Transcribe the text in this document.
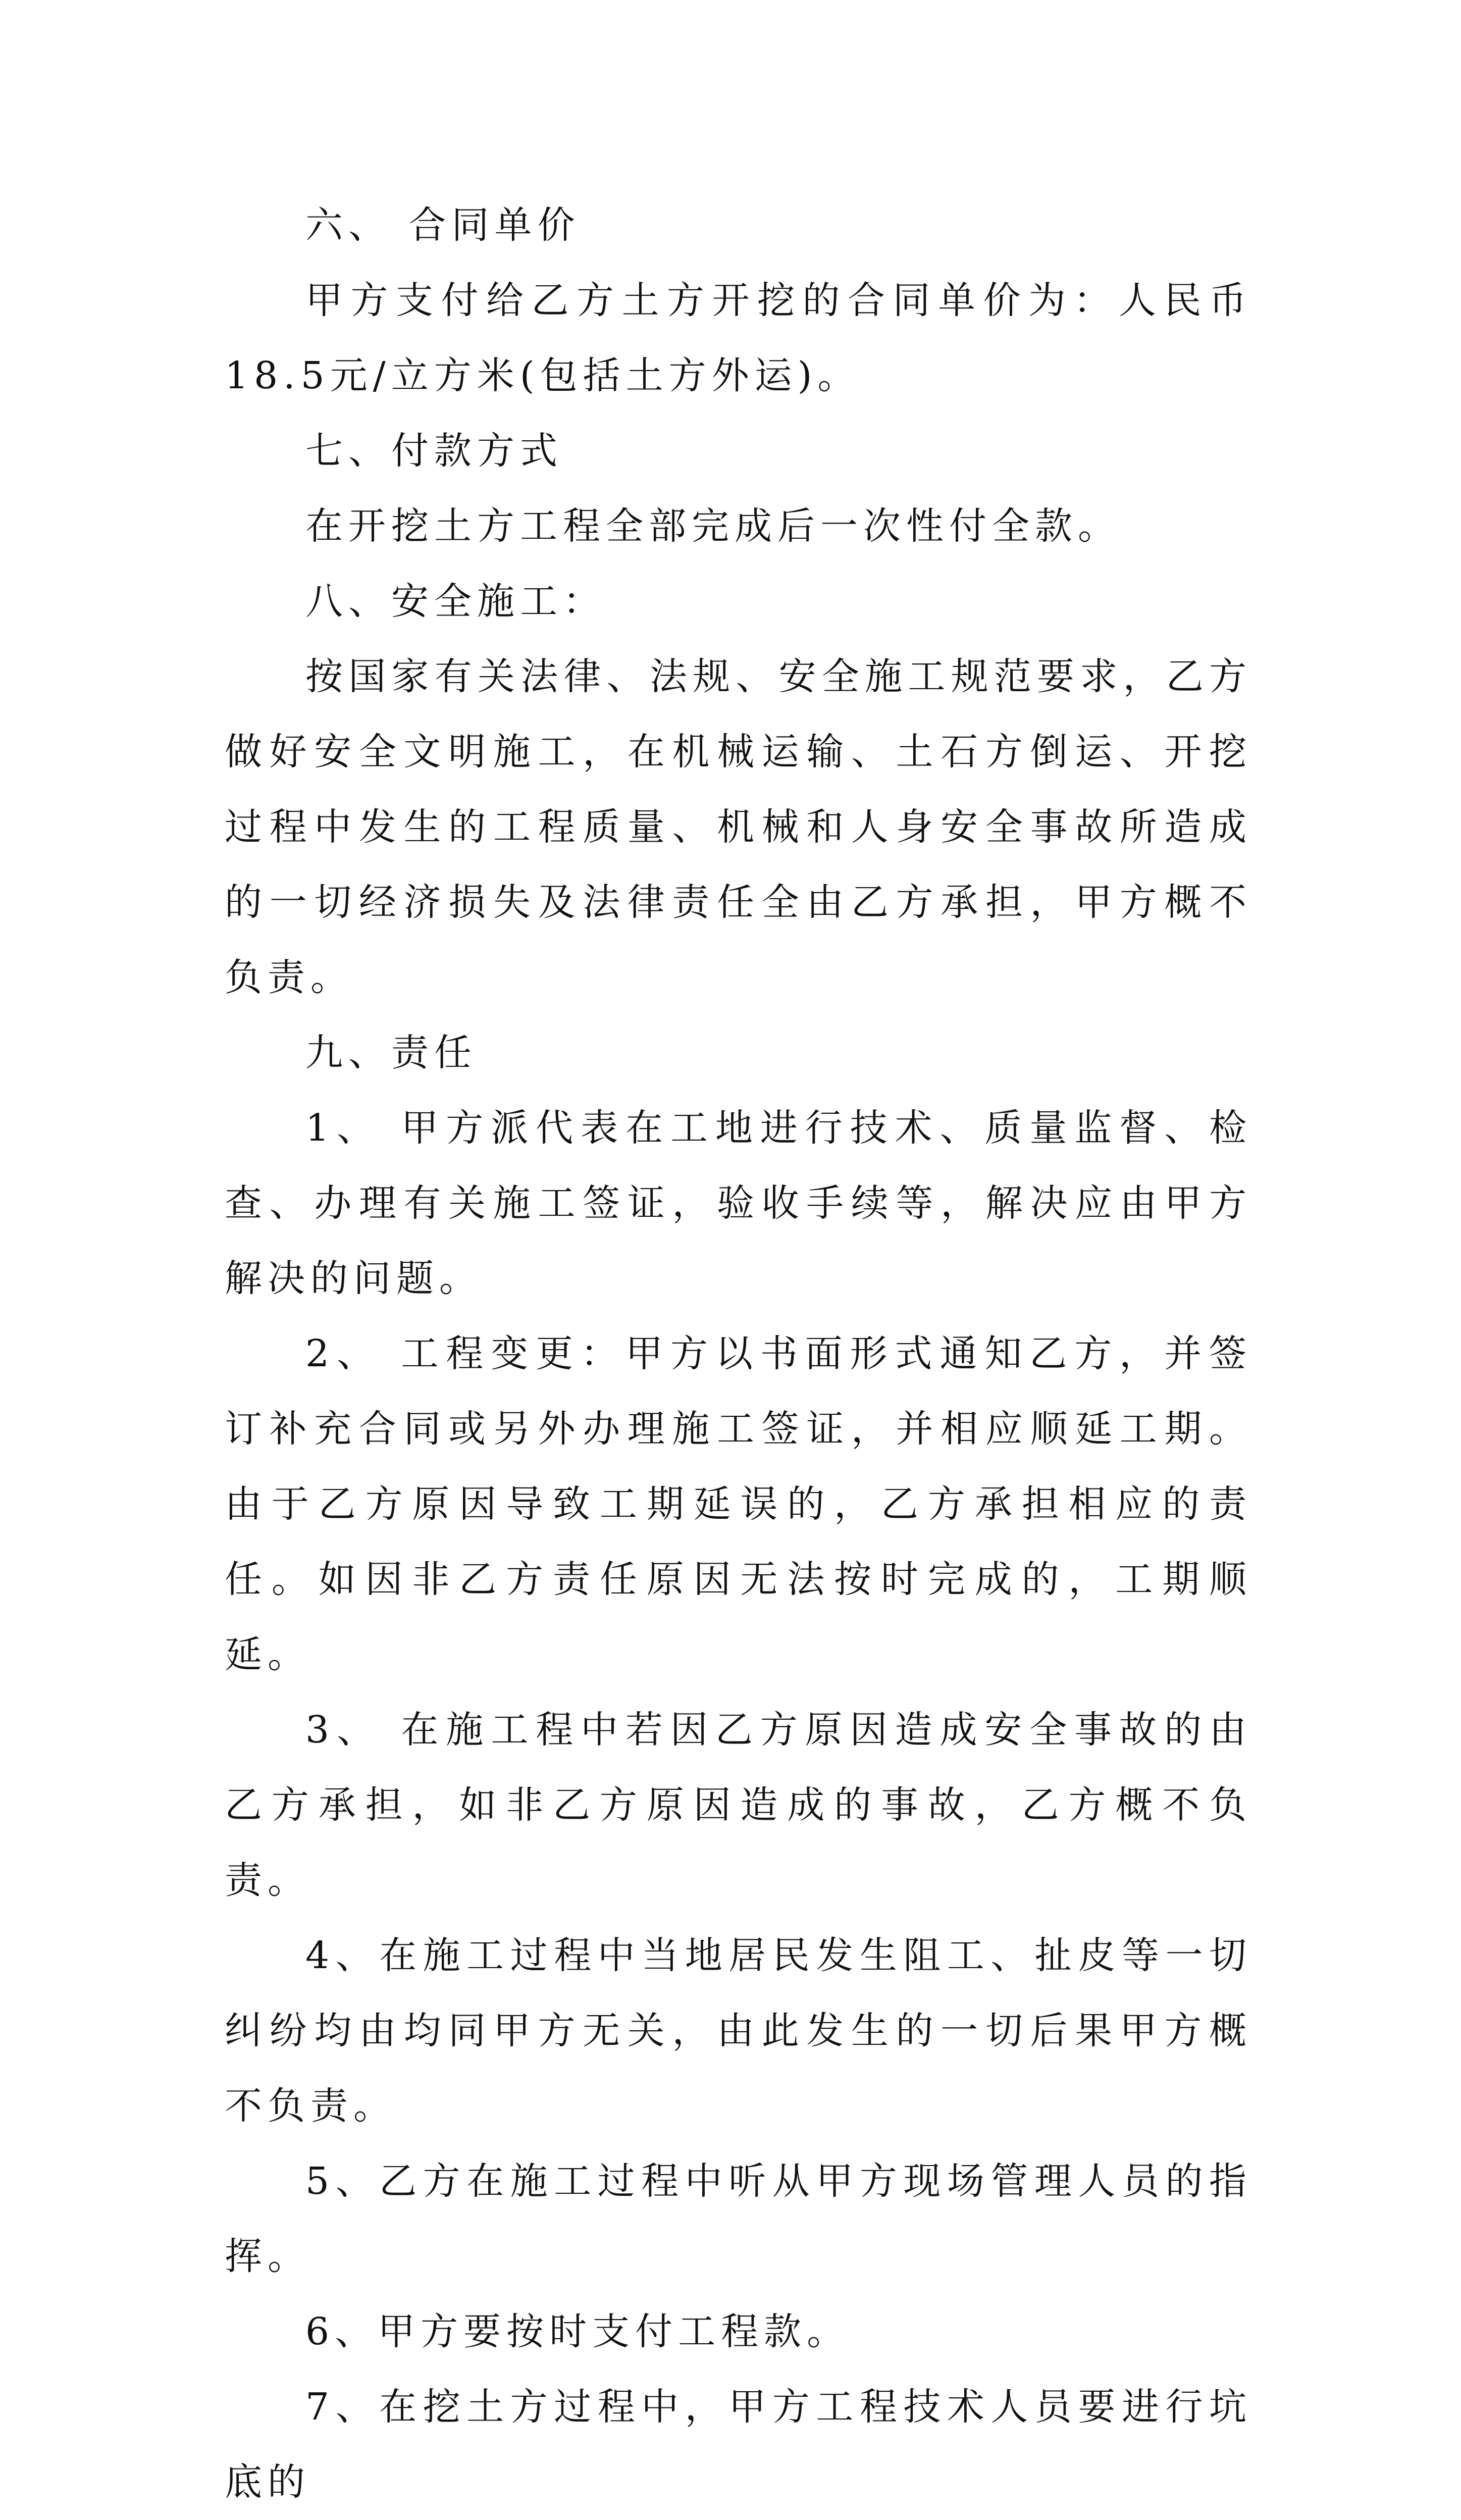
六、 合同单价

甲方支付给乙方土方开挖的合同单价为：人民币18.5元/立方米(包括土方外运)。

七、付款方式

在开挖土方工程全部完成后一次性付全款。

八、安全施工：

按国家有关法律、法规、安全施工规范要求，乙方做好安全文明施工，在机械运输、土石方倒运、开挖过程中发生的工程质量、机械和人身安全事故所造成的一切经济损失及法律责任全由乙方承担，甲方概不负责。

九、责任

1、 甲方派代表在工地进行技术、质量监督、检查、办理有关施工签证，验收手续等，解决应由甲方解决的问题。

2、 工程变更：甲方以书面形式通知乙方，并签订补充合同或另外办理施工签证，并相应顺延工期。由于乙方原因导致工期延误的，乙方承担相应的责任。如因非乙方责任原因无法按时完成的，工期顺延。

3、 在施工程中若因乙方原因造成安全事故的由乙方承担，如非乙方原因造成的事故，乙方概不负责。

4、在施工过程中当地居民发生阻工、扯皮等一切纠纷均由均同甲方无关，由此发生的一切后果甲方概不负责。

5、乙方在施工过程中听从甲方现场管理人员的指挥。

6、甲方要按时支付工程款。

7、在挖土方过程中，甲方工程技术人员要进行坑底的
